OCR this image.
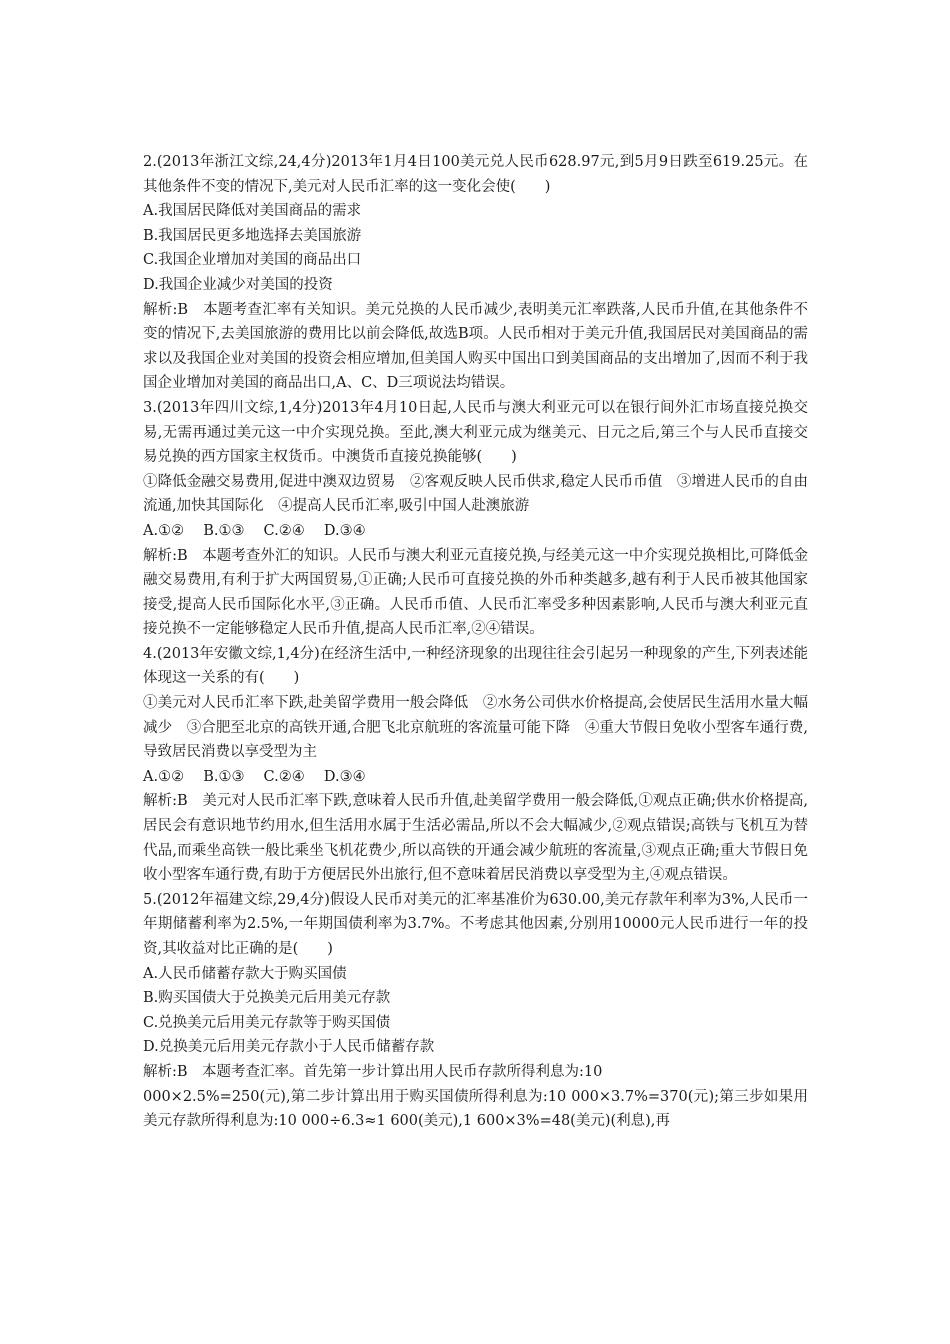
2.(2013年浙江文综,24,4分)2013年1月4日100美元兑人民币628.97元,到5月9日跌至619.25元。在其他条件不变的情况下,美元对人民币汇率的这一变化会使(　　)

A.我国居民降低对美国商品的需求

B.我国居民更多地选择去美国旅游

C.我国企业增加对美国的商品出口

D.我国企业减少对美国的投资

解析:B　本题考查汇率有关知识。美元兑换的人民币减少,表明美元汇率跌落,人民币升值,在其他条件不变的情况下,去美国旅游的费用比以前会降低,故选B项。人民币相对于美元升值,我国居民对美国商品的需求以及我国企业对美国的投资会相应增加,但美国人购买中国出口到美国商品的支出增加了,因而不利于我国企业增加对美国的商品出口,A、C、D三项说法均错误。

3.(2013年四川文综,1,4分)2013年4月10日起,人民币与澳大利亚元可以在银行间外汇市场直接兑换交易,无需再通过美元这一中介实现兑换。至此,澳大利亚元成为继美元、日元之后,第三个与人民币直接交易兑换的西方国家主权货币。中澳货币直接兑换能够(　　)

①降低金融交易费用,促进中澳双边贸易　②客观反映人民币供求,稳定人民币币值　③增进人民币的自由流通,加快其国际化　④提高人民币汇率,吸引中国人赴澳旅游

A.①②　 B.①③　 C.②④　 D.③④

解析:B　本题考查外汇的知识。人民币与澳大利亚元直接兑换,与经美元这一中介实现兑换相比,可降低金融交易费用,有利于扩大两国贸易,①正确;人民币可直接兑换的外币种类越多,越有利于人民币被其他国家接受,提高人民币国际化水平,③正确。人民币币值、人民币汇率受多种因素影响,人民币与澳大利亚元直接兑换不一定能够稳定人民币升值,提高人民币汇率,②④错误。

4.(2013年安徽文综,1,4分)在经济生活中,一种经济现象的出现往往会引起另一种现象的产生,下列表述能体现这一关系的有(　　)

①美元对人民币汇率下跌,赴美留学费用一般会降低　②水务公司供水价格提高,会使居民生活用水量大幅减少　③合肥至北京的高铁开通,合肥飞北京航班的客流量可能下降　④重大节假日免收小型客车通行费,导致居民消费以享受型为主

A.①②　 B.①③　 C.②④　 D.③④

解析:B　美元对人民币汇率下跌,意味着人民币升值,赴美留学费用一般会降低,①观点正确;供水价格提高,居民会有意识地节约用水,但生活用水属于生活必需品,所以不会大幅减少,②观点错误;高铁与飞机互为替代品,而乘坐高铁一般比乘坐飞机花费少,所以高铁的开通会减少航班的客流量,③观点正确;重大节假日免收小型客车通行费,有助于方便居民外出旅行,但不意味着居民消费以享受型为主,④观点错误。

5.(2012年福建文综,29,4分)假设人民币对美元的汇率基准价为630.00,美元存款年利率为3%,人民币一年期储蓄利率为2.5%,一年期国债利率为3.7%。不考虑其他因素,分别用10000元人民币进行一年的投资,其收益对比正确的是(　　)

A.人民币储蓄存款大于购买国债

B.购买国债大于兑换美元后用美元存款

C.兑换美元后用美元存款等于购买国债

D.兑换美元后用美元存款小于人民币储蓄存款

解析:B　本题考查汇率。首先第一步计算出用人民币存款所得利息为:10

000×2.5%=250(元),第二步计算出用于购买国债所得利息为:10 000×3.7%=370(元);第三步如果用美元存款所得利息为:10 000÷6.3≈1 600(美元),1 600×3%=48(美元)(利息),再
